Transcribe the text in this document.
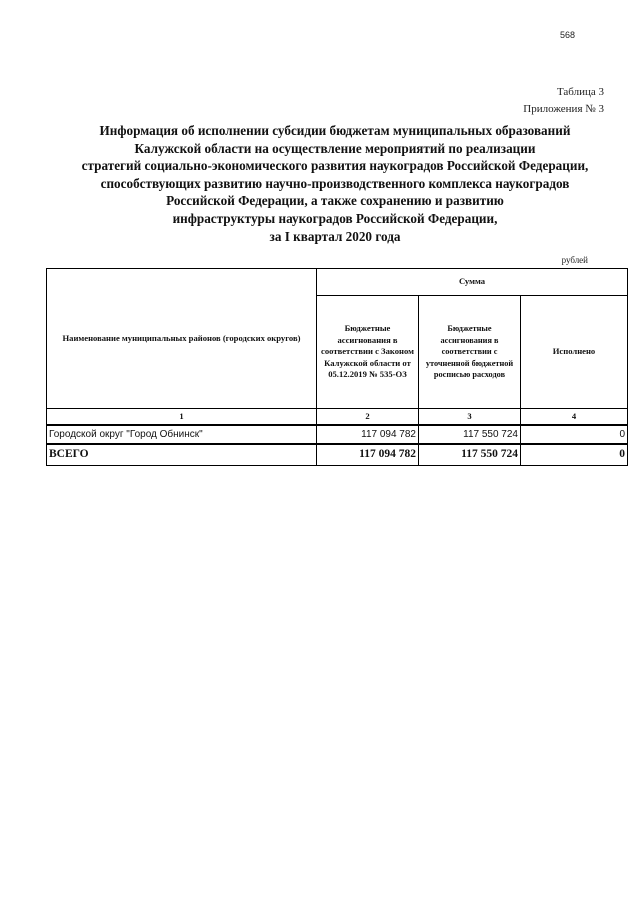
568
Таблица 3
Приложения № 3
Информация об исполнении субсидии бюджетам муниципальных образований
Калужской области на осуществление мероприятий по реализации
стратегий социально-экономического развития наукоградов Российской Федерации,
способствующих развитию научно-производственного комплекса наукоградов
Российской Федерации, а также сохранению и развитию
инфраструктуры наукоградов Российской Федерации,
за I квартал 2020 года
рублей
Наименование муниципальных районов (городских округов)	Сумма		
	Бюджетные ассигнования в соответствии с Законом Калужской области от 05.12.2019 № 535-ОЗ	Бюджетные ассигнования в соответствии с уточненной бюджетной росписью расходов	Исполнено
1	2	3	4
Городской округ "Город Обнинск"	117 094 782	117 550 724	0
ВСЕГО	117 094 782	117 550 724	0
